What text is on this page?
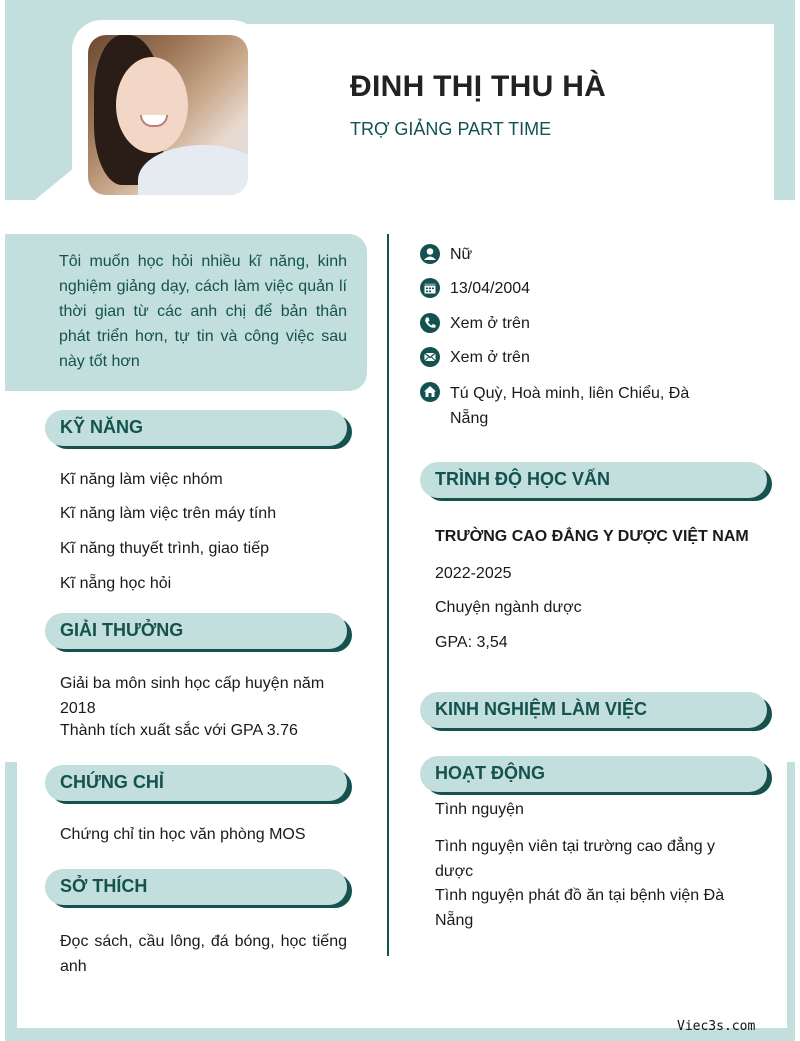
ĐINH THỊ THU HÀ
TRỢ GIẢNG PART TIME
Tôi muốn học hỏi nhiều kĩ năng, kinh nghiệm giảng dạy, cách làm việc quản lí thời gian từ các anh chị để bản thân phát triển hơn, tự tin và công việc sau này tốt hơn
KỸ NĂNG
Kĩ năng làm việc nhóm
Kĩ năng làm việc trên máy tính
Kĩ năng thuyết trình, giao tiếp
Kĩ nẵng học hỏi
GIẢI THƯỞNG
Giải ba môn sinh học cấp huyện năm 2018
Thành tích xuất sắc với GPA 3.76
CHỨNG CHỈ
Chứng chỉ tin học văn phòng MOS
SỞ THÍCH
Đọc sách, cầu lông, đá bóng, học tiếng anh
Nữ
13/04/2004
Xem ở trên
Xem ở trên
Tú Quỳ, Hoà minh, liên Chiểu, Đà Nẵng
TRÌNH ĐỘ HỌC VẤN
TRƯỜNG CAO ĐẲNG Y DƯỢC VIỆT NAM
2022-2025
Chuyện ngành dược
GPA: 3,54
KINH NGHIỆM LÀM VIỆC
HOẠT ĐỘNG
Tình nguyện
Tình nguyện viên tại trường cao đẳng y dược
Tình nguyện phát đồ ăn tại bệnh viện Đà Nẵng
Viec3s.com
